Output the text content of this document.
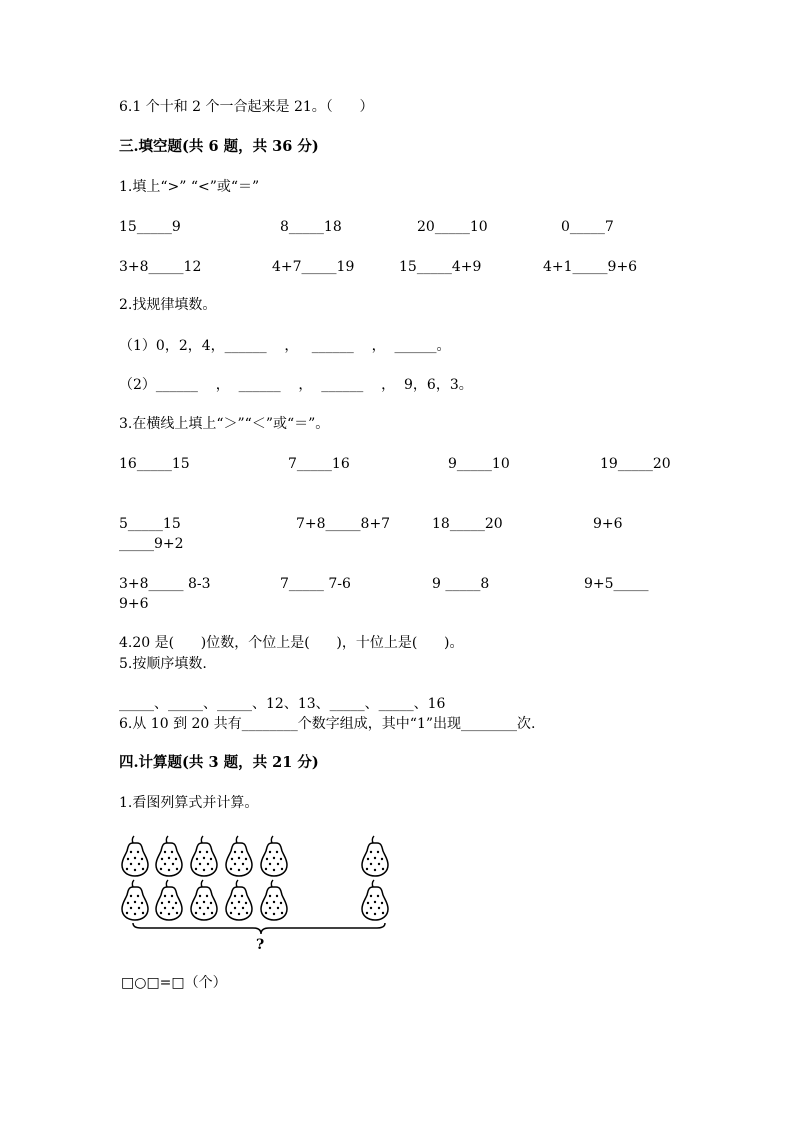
6.1 个十和 2 个一合起来是 21。（      ）
三.填空题(共 6 题，共 36 分)
1.填上“>” “<”或“＝”
15_____9	8_____18	20_____10	0_____7
3+8_____12	4+7_____19	15_____4+9	4+1_____9+6
2.找规律填数。
（1）0，2，4，______    ，   ______    ，  ______。
（2）______    ，  ______    ，  ______    ，  9，6，3。
3.在横线上填上“＞”“＜”或“＝”。
16_____15	7_____16	9_____10	19_____20
5_____15	7+8_____8+7	18_____20	9+6
_____9+2
3+8_____ 8-3	7_____ 7-6	9 _____8	9+5_____
9+6
4.20 是(      )位数，个位上是(      )，十位上是(      )。
5.按顺序填数.
_____、_____、_____、12、13、_____、_____、16
6.从 10 到 20 共有________个数字组成，其中“1”出现________次.
四.计算题(共 3 题，共 21 分)
1.看图列算式并计算。
?
□○□=□（个）
